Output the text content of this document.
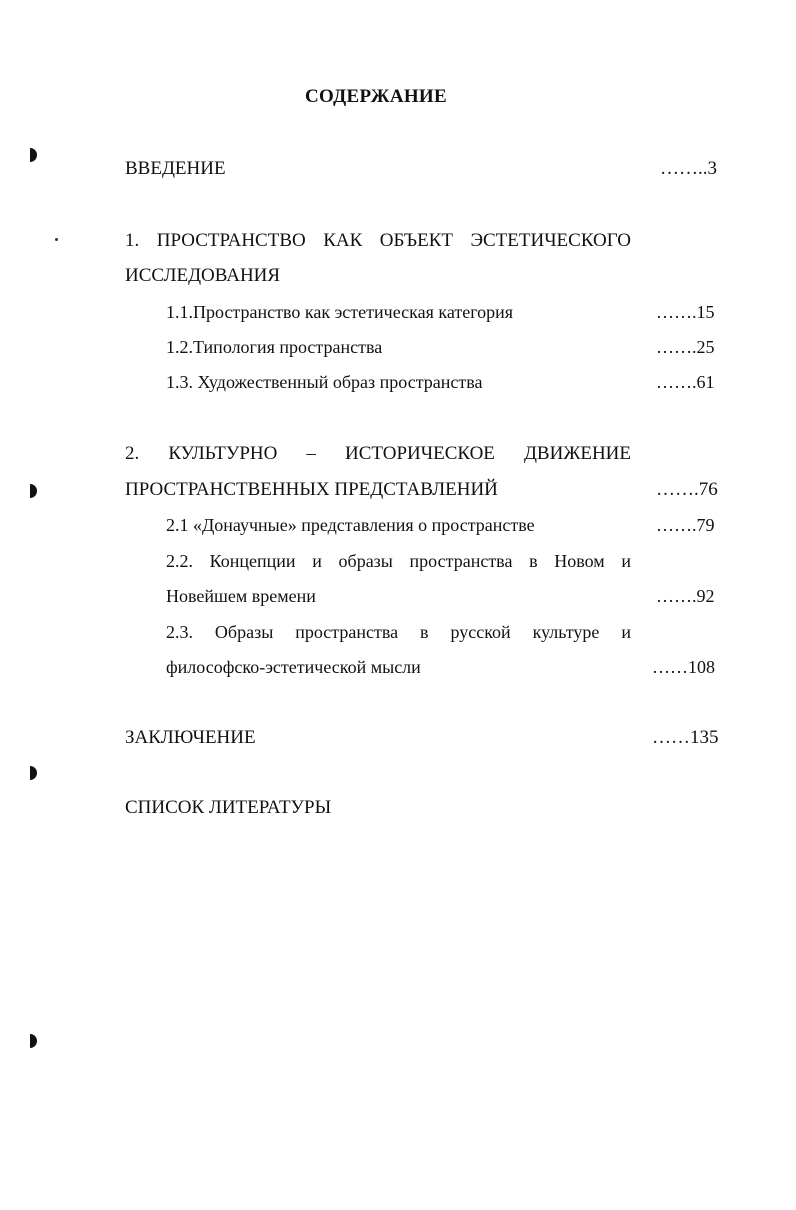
СОДЕРЖАНИЕ
ВВЕДЕНИЕ	……..3
1. ПРОСТРАНСТВО КАК ОБЪЕКТ ЭСТЕТИЧЕСКОГО
ИССЛЕДОВАНИЯ
1.1.Пространство как эстетическая категория	…….15
1.2.Типология пространства	…….25
1.3. Художественный образ пространства	…….61
2. КУЛЬТУРНО – ИСТОРИЧЕСКОЕ ДВИЖЕНИЕ
ПРОСТРАНСТВЕННЫХ ПРЕДСТАВЛЕНИЙ	…….76
2.1 «Донаучные» представления о пространстве	…….79
2.2. Концепции и образы пространства в Новом и
Новейшем времени	…….92
2.3. Образы пространства в русской культуре и
философско-эстетической мысли	……108
ЗАКЛЮЧЕНИЕ	……135
СПИСОК ЛИТЕРАТУРЫ
